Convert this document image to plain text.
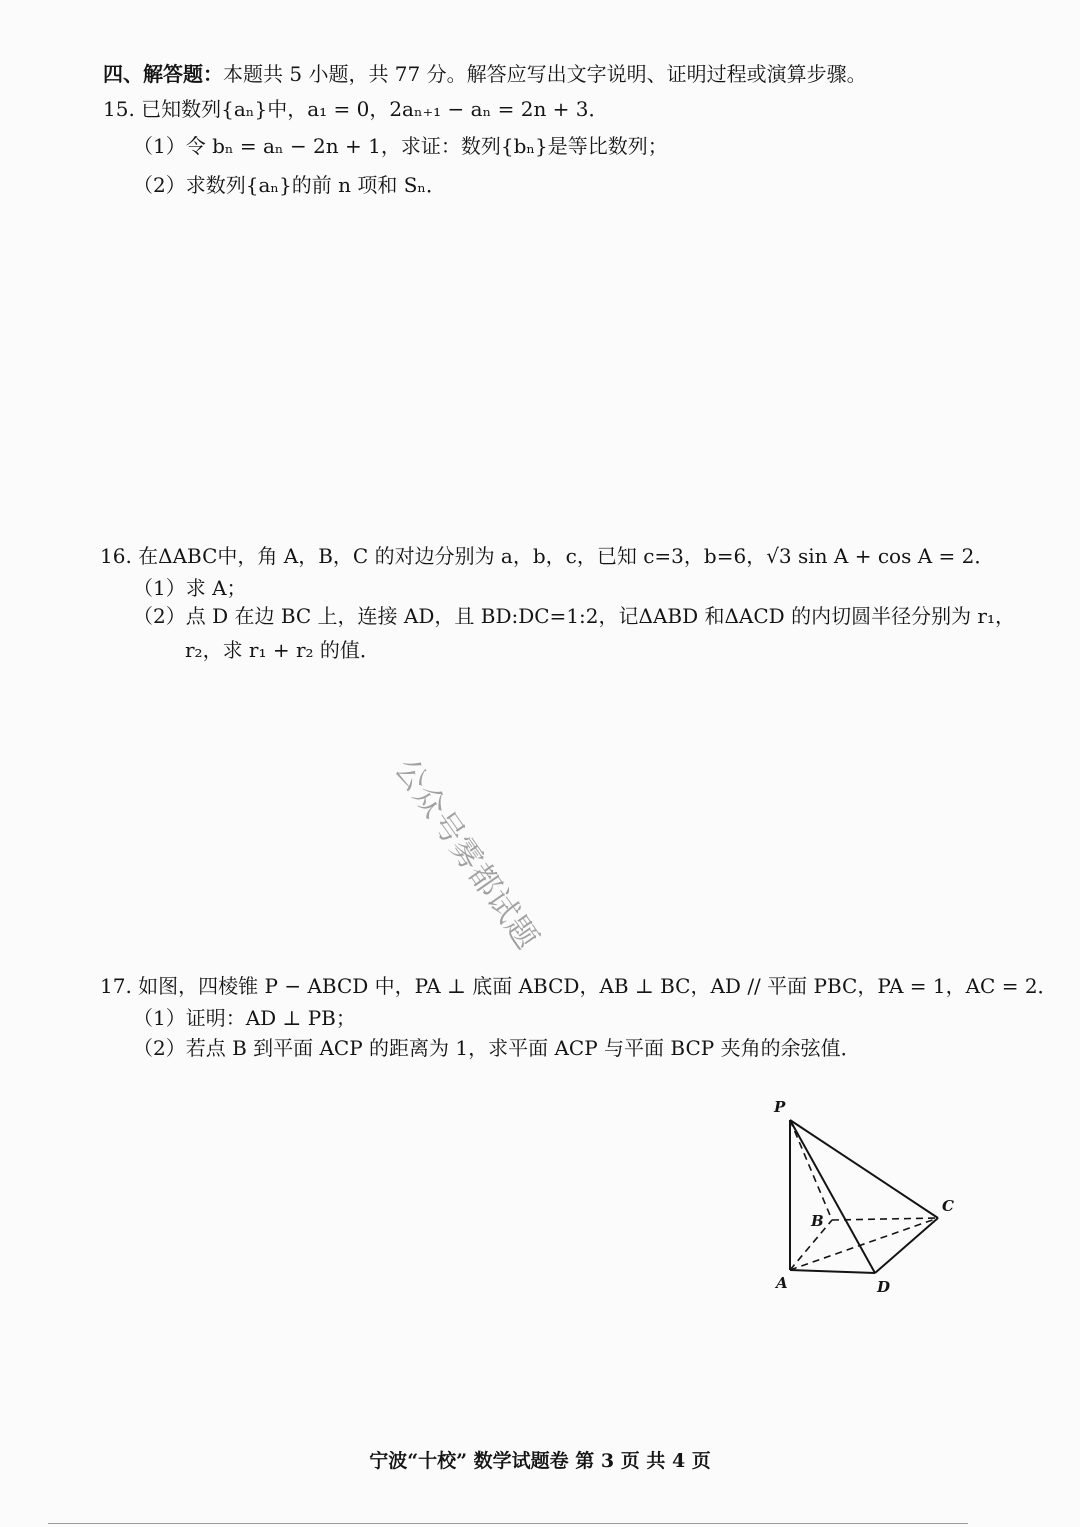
四、解答题：本题共 5 小题，共 77 分。解答应写出文字说明、证明过程或演算步骤。
15. 已知数列{aₙ}中，a₁ = 0，2aₙ₊₁ − aₙ = 2n + 3．
（1）令 bₙ = aₙ − 2n + 1，求证：数列{bₙ}是等比数列；
（2）求数列{aₙ}的前 n 项和 Sₙ．
16. 在ΔABC中，角 A，B，C 的对边分别为 a，b，c，已知 c=3，b=6，√3 sin A + cos A = 2．
（1）求 A；
（2）点 D 在边 BC 上，连接 AD，且 BD:DC=1:2，记ΔABD 和ΔACD 的内切圆半径分别为 r₁，
r₂，求 r₁ + r₂ 的值．
公众号雾都试题
17. 如图，四棱锥 P − ABCD 中，PA ⊥ 底面 ABCD，AB ⊥ BC，AD // 平面 PBC，PA = 1，AC = 2．
（1）证明：AD ⊥ PB；
（2）若点 B 到平面 ACP 的距离为 1，求平面 ACP 与平面 BCP 夹角的余弦值．
P
B
C
A	D
宁波“十校” 数学试题卷 第 3 页 共 4 页
